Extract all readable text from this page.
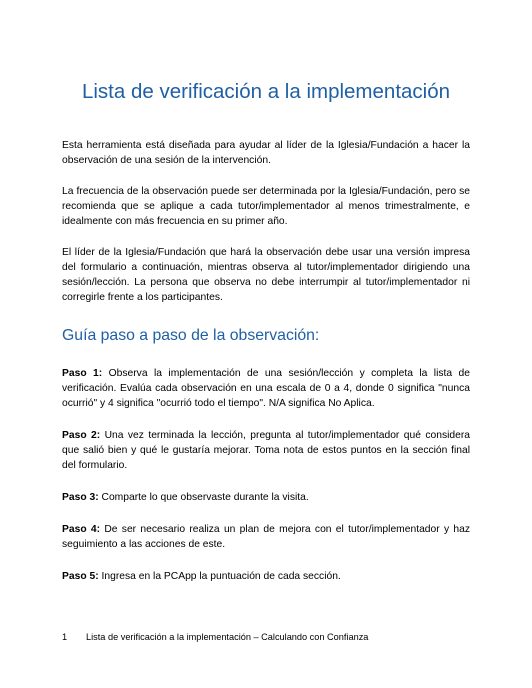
Lista de verificación a la implementación

Esta herramienta está diseñada para ayudar al líder de la Iglesia/Fundación a hacer la observación de una sesión de la intervención.

La frecuencia de la observación puede ser determinada por la Iglesia/Fundación, pero se recomienda que se aplique a cada tutor/implementador al menos trimestralmente, e idealmente con más frecuencia en su primer año.

El líder de la Iglesia/Fundación que hará la observación debe usar una versión impresa del formulario a continuación, mientras observa al tutor/implementador dirigiendo una sesión/lección. La persona que observa no debe interrumpir al tutor/implementador ni corregirle frente a los participantes.

Guía paso a paso de la observación:

Paso 1: Observa la implementación de una sesión/lección y completa la lista de verificación. Evalúa cada observación en una escala de 0 a 4, donde 0 significa "nunca ocurrió" y 4 significa "ocurrió todo el tiempo". N/A significa No Aplica.

Paso 2: Una vez terminada la lección, pregunta al tutor/implementador qué considera que salió bien y qué le gustaría mejorar. Toma nota de estos puntos en la sección final del formulario.

Paso 3: Comparte lo que observaste durante la visita.

Paso 4: De ser necesario realiza un plan de mejora con el tutor/implementador y haz seguimiento a las acciones de este.

Paso 5: Ingresa en la PCApp la puntuación de cada sección.

1 Lista de verificación a la implementación – Calculando con Confianza
